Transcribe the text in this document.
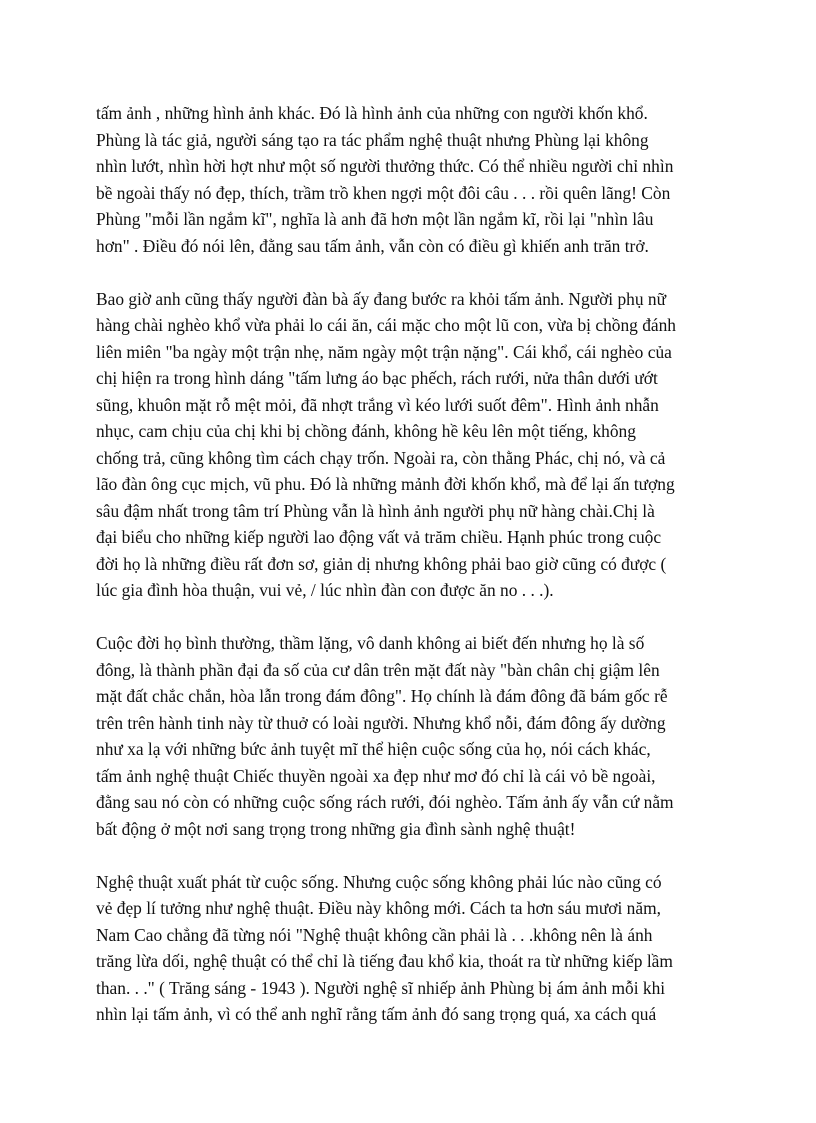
tấm ảnh , những hình ảnh khác. Đó là hình ảnh của những con người khốn khổ.
Phùng là tác giả, người sáng tạo ra tác phẩm nghệ thuật nhưng Phùng lại không
nhìn lướt, nhìn hời hợt như một số người thưởng thức. Có thể nhiều người chỉ nhìn
bề ngoài thấy nó đẹp, thích, trầm trồ khen ngợi một đôi câu . . . rồi quên lãng! Còn
Phùng "mỗi lần ngắm kĩ", nghĩa là anh đã hơn một lần ngắm kĩ, rồi lại "nhìn lâu
hơn" . Điều đó nói lên, đằng sau tấm ảnh, vẫn còn có điều gì khiến anh trăn trở.
Bao giờ anh cũng thấy người đàn bà ấy đang bước ra khỏi tấm ảnh. Người phụ nữ
hàng chài nghèo khổ vừa phải lo cái ăn, cái mặc cho một lũ con, vừa bị chồng đánh
liên miên "ba ngày một trận nhẹ, năm ngày một trận nặng". Cái khổ, cái nghèo của
chị hiện ra trong hình dáng "tấm lưng áo bạc phếch, rách rưới, nửa thân dưới ướt
sũng, khuôn mặt rỗ mệt mỏi, đã nhợt trắng vì kéo lưới suốt đêm". Hình ảnh nhẫn
nhục, cam chịu của chị khi bị chồng đánh, không hề kêu lên một tiếng, không
chống trả, cũng không tìm cách chạy trốn. Ngoài ra, còn thằng Phác, chị nó, và cả
lão đàn ông cục mịch, vũ phu. Đó là những mảnh đời khốn khổ, mà để lại ấn tượng
sâu đậm nhất trong tâm trí Phùng vẫn là hình ảnh người phụ nữ hàng chài.Chị là
đại biểu cho những kiếp người lao động vất vả trăm chiều. Hạnh phúc trong cuộc
đời họ là những điều rất đơn sơ, giản dị nhưng không phải bao giờ cũng có được (
lúc gia đình hòa thuận, vui vẻ, / lúc nhìn đàn con được ăn no . . .).
Cuộc đời họ bình thường, thầm lặng, vô danh không ai biết đến nhưng họ là số
đông, là thành phần đại đa số của cư dân trên mặt đất này "bàn chân chị giậm lên
mặt đất chắc chắn, hòa lẫn trong đám đông". Họ chính là đám đông đã bám gốc rễ
trên trên hành tinh này từ thuở có loài người. Nhưng khổ nỗi, đám đông ấy dường
như xa lạ với những bức ảnh tuyệt mĩ thể hiện cuộc sống của họ, nói cách khác,
tấm ảnh nghệ thuật Chiếc thuyền ngoài xa đẹp như mơ đó chỉ là cái vỏ bề ngoài,
đằng sau nó còn có những cuộc sống rách rưới, đói nghèo. Tấm ảnh ấy vẫn cứ nằm
bất động ở một nơi sang trọng trong những gia đình sành nghệ thuật!
Nghệ thuật xuất phát từ cuộc sống. Nhưng cuộc sống không phải lúc nào cũng có
vẻ đẹp lí tưởng như nghệ thuật. Điều này không mới. Cách ta hơn sáu mươi năm,
Nam Cao chẳng đã từng nói "Nghệ thuật không cần phải là . . .không nên là ánh
trăng lừa dối, nghệ thuật có thể chỉ là tiếng đau khổ kia, thoát ra từ những kiếp lầm
than. . ." ( Trăng sáng - 1943 ). Người nghệ sĩ nhiếp ảnh Phùng bị ám ảnh mỗi khi
nhìn lại tấm ảnh, vì có thể anh nghĩ rằng tấm ảnh đó sang trọng quá, xa cách quá
